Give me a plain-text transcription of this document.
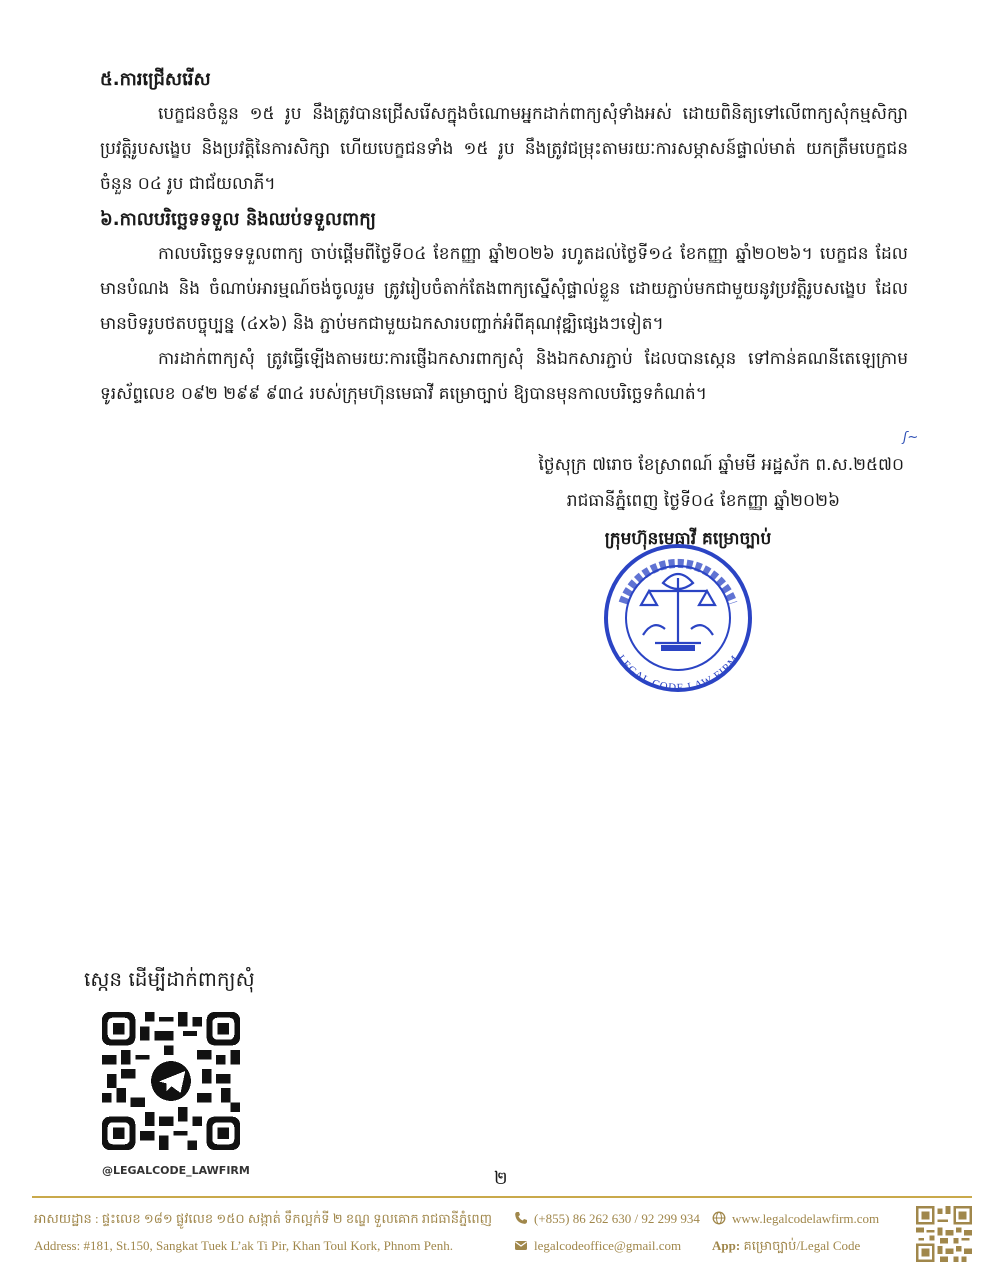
៥.ការជ្រើសរើស

បេក្ខជនចំនួន ១៥ រូប នឹងត្រូវបានជ្រើសរើសក្នុងចំណោមអ្នកដាក់ពាក្យសុំទាំងអស់ ដោយពិនិត្យទៅលើពាក្យសុំកម្មសិក្សា ប្រវត្តិរូបសង្ខេប និងប្រវត្តិនៃការសិក្សា ហើយបេក្ខជនទាំង ១៥ រូប នឹងត្រូវជម្រុះតាមរយៈការសម្ភាសន៍ផ្ទាល់មាត់ យកត្រឹមបេក្ខជនចំនួន ០៤ រូប ជាជ័យលាភី។

៦.កាលបរិច្ឆេទទទួល និងឈប់ទទួលពាក្យ

កាលបរិច្ឆេទទទួលពាក្យ ចាប់ផ្តើមពីថ្ងៃទី០៤ ខែកញ្ញា ឆ្នាំ២០២៦ រហូតដល់ថ្ងៃទី១៤ ខែកញ្ញា ឆ្នាំ២០២៦។ បេក្ខជន ដែលមានបំណង និង ចំណាប់អារម្មណ៍ចង់ចូលរួម ត្រូវរៀបចំតាក់តែងពាក្យស្នើសុំផ្ទាល់ខ្លួន ដោយភ្ជាប់មកជាមួយនូវប្រវត្តិរូបសង្ខេប ដែលមានបិទរូបថតបច្ចុប្បន្ន (៤x៦) និង ភ្ជាប់មកជាមួយឯកសារបញ្ជាក់អំពីគុណវុឌ្ឍិផ្សេងៗទៀត។

ការដាក់ពាក្យសុំ ត្រូវធ្វើឡើងតាមរយៈការផ្ញើឯកសារពាក្យសុំ និងឯកសារភ្ជាប់ ដែលបានស្កេន ទៅកាន់គណនីតេឡេក្រាម ទូរស័ព្ទលេខ ០៩២ ២៩៩ ៩៣៤ របស់ក្រុមហ៊ុនមេធាវី គម្រោច្បាប់ ឱ្យបានមុនកាលបរិច្ឆេទកំណត់។

ʃ~
ថ្ងៃសុក្រ ៧រោច ខែស្រាពណ៍ ឆ្នាំមមី អដ្ឋស័ក ព.ស.២៥៧០
រាជធានីភ្នំពេញ ថ្ងៃទី០៤ ខែកញ្ញា ឆ្នាំ២០២៦
ក្រុមហ៊ុនមេធាវី គម្រោច្បាប់
LEGAL CODE LAW FIRM
ស្កេន ដើម្បីដាក់ពាក្យសុំ
@LEGALCODE_LAWFIRM	២
អាសយដ្ឋាន : ផ្ទះលេខ ១៨១ ផ្លូវលេខ ១៥០ សង្កាត់ ទឹកល្អក់ទី ២ ខណ្ឌ ទួលគោក រាជធានីភ្នំពេញ
Address: #181, St.150, Sangkat Tuek L’ak Ti Pir, Khan Toul Kork, Phnom Penh.
(+855) 86 262 630 / 92 299 934
legalcodeoffice@gmail.com
www.legalcodelawfirm.com
App: គម្រោច្បាប់/Legal Code
